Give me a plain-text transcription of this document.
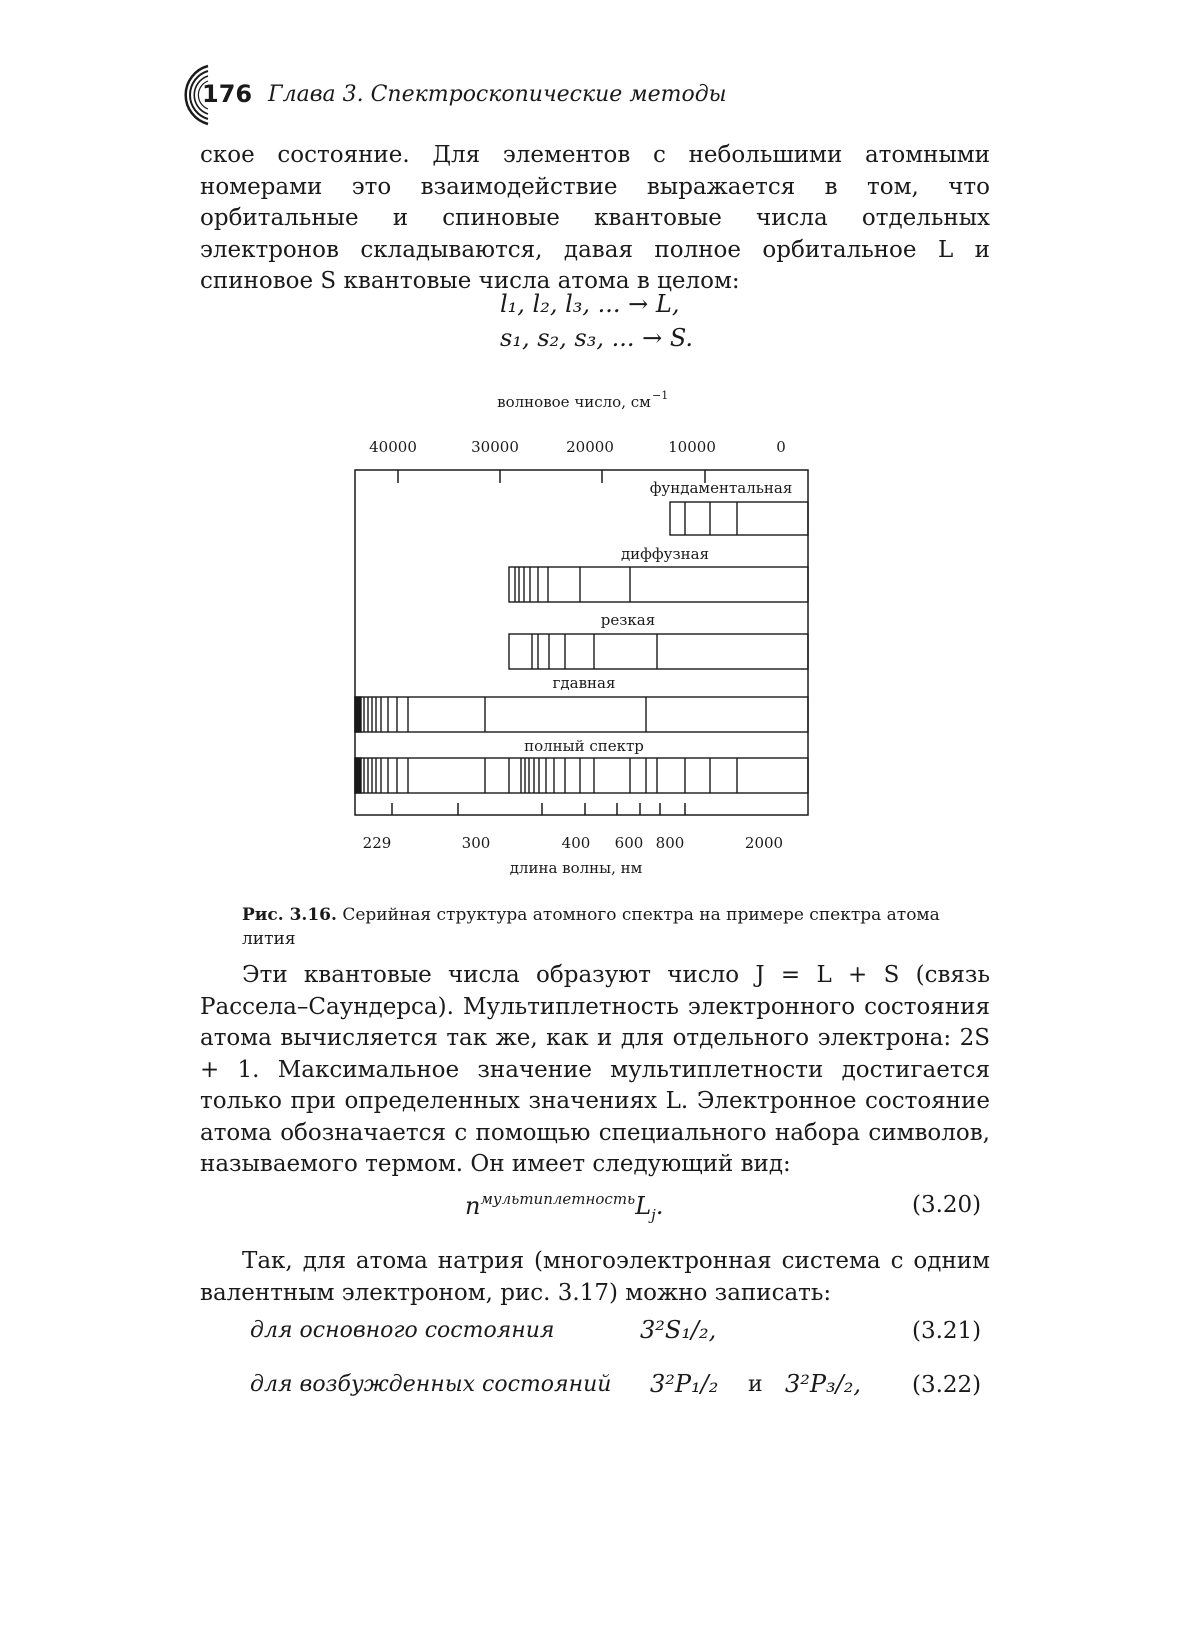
176 Глава 3. Спектроскопические методы

ское состояние. Для элементов с небольшими атомными номерами это взаимодействие выражается в том, что орбитальные и спиновые квантовые числа отдельных электронов складываются, давая полное орбитальное L и спиновое S квантовые числа атома в целом:

l₁, l₂, l₃, ... → L,
s₁, s₂, s₃, ... → S.
волновое число, см −1
40000	30000	20000	10000	0
фундаментальная
диффузная
резкая
гдавная
полный спектр
229	300	400 600 800	2000
длина волны, нм
Рис. 3.16. Серийная структура атомного спектра на примере спектра атома лития

Эти квантовые числа образуют число J = L + S (связь Рассела–Саундерса). Мультиплетность электронного состояния атома вычисляется так же, как и для отдельного электрона: 2S + 1. Максимальное значение мультиплетности достигается только при определенных значениях L. Электронное состояние атома обозначается с помощью специального набора символов, называемого термом. Он имеет следующий вид:

$n^{мультиплетность}L_j$.	(3.20)

Так, для атома натрия (многоэлектронная система с одним валентным электроном, рис. 3.17) можно записать:

для основного состояния	3²S₁/₂,	(3.21)
для возбужденных состояний 3²P₁/₂ и 3²P₃/₂, (3.22)
